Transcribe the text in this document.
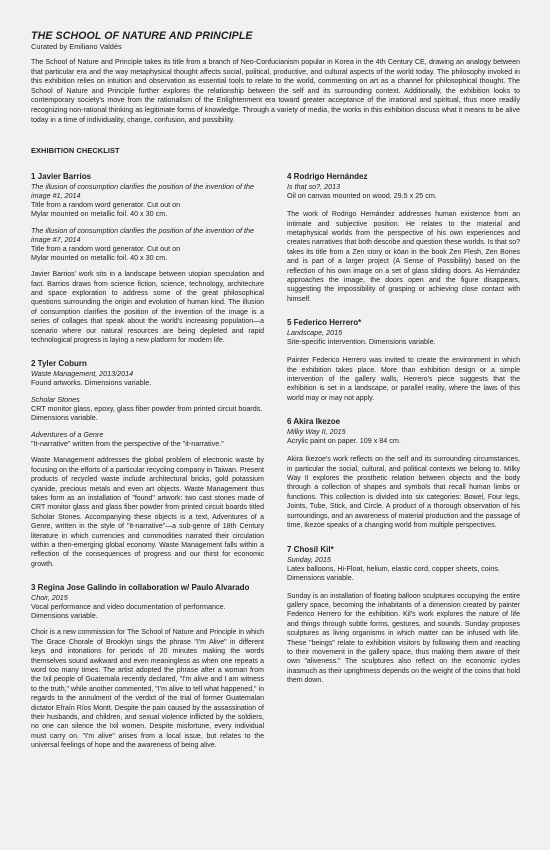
THE SCHOOL OF NATURE AND PRINCIPLE

Curated by Emiliano Valdés

The School of Nature and Principle takes its title from a branch of Neo-Confucianism popular in Korea in the 4th Century CE, drawing an analogy between that particular era and the way metaphysical thought affects social, political, productive, and cultural aspects of the world today. The philosophy invoked in this exhibition relies on intuition and observation as essential tools to relate to the world, commenting on art as a channel for philosophical thought. The School of Nature and Principle further explores the relationship between the self and its surrounding context. Additionally, the exhibition looks to contemporary society's move from the rationalism of the Enlightenment era toward greater acceptance of the irrational and spiritual, thus more readily recognizing non-rational thinking as legitimate forms of knowledge. Through a variety of media, the works in this exhibition discuss what it means to be alive today in a time of individuality, change, confusion, and possibility.

EXHIBITION CHECKLIST

1 Javier Barrios

The illusion of consumption clarifies the position of the invention of the image #1, 2014

Title from a random word generator. Cut out on

Mylar mounted on metallic foil. 40 x 30 cm.

The illusion of consumption clarifies the position of the invention of the image #7, 2014

Title from a random word generator. Cut out on

Mylar mounted on metallic foil. 40 x 30 cm.

Javier Barrios' work sits in a landscape between utopian speculation and fact. Barrios draws from science fiction, science, technology, architecture and space exploration to address some of the great philosophical questions surrounding the origin and evolution of human kind. The illusion of consumption clarifies the position of the invention of the image is a series of collages that speak about the world's increasing population—a scenario where our natural resources are being depleted and rapid technological progress is laying a new platform for modern life.

2 Tyler Coburn

Waste Management, 2013/2014

Found artworks. Dimensions variable.

Scholar Stones

CRT monitor glass, epoxy, glass fiber powder from printed circuit boards. Dimensions variable.

Adventures of a Genre

"It-narrative" written from the perspective of the "it-narrative."

Waste Management addresses the global problem of electronic waste by focusing on the efforts of a particular recycling company in Taiwan. Present products of recycled waste include architectural bricks, gold potassium cyanide, precious metals and even art objects. Waste Management thus takes form as an installation of "found" artwork: two cast stones made of CRT monitor glass and glass fiber powder from printed circuit boards titled Scholar Stones. Accompanying these objects is a text, Adventures of a Genre, written in the style of "it-narrative"—a sub-genre of 18th Century literature in which currencies and commodities narrated their circulation within a then-emerging global economy. Waste Management falls within a reflection of the consequences of progress and our thirst for economic growth.

3 Regina Jose Galindo in collaboration w/ Paulo Alvarado

Choir, 2015

Vocal performance and video documentation of performance. Dimensions variable.

Choir is a new commission for The School of Nature and Principle in which The Grace Chorale of Brooklyn sings the phrase "I'm Alive" in different keys and intonations for periods of 20 minutes making the words themselves sound awkward and even meaningless as when one repeats a word too many times. The artist adopted the phrase after a woman from the Ixil people of Guatemala recently declared, "I'm alive and I am witness to the truth," while another commented, "I'm alive to tell what happened," in regards to the annulment of the verdict of the trial of former Guatemalan dictator Efraín Ríos Montt. Despite the pain caused by the assassination of their husbands, and children, and sexual violence inflicted by the soldiers, no one can silence the Ixil women. Despite misfortune, every individual must carry on. "I'm alive" arises from a local issue, but relates to the universal feelings of hope and the awareness of being alive.

4 Rodrigo Hernández

Is that so?, 2013

Oil on canvas mounted on wood. 29.5 x 25 cm.

The work of Rodrigo Hernández addresses human existence from an intimate and subjective position. He relates to the material and metaphysical worlds from the perspective of his own experiences and creates narratives that both describe and question these worlds. Is that so? takes its title from a Zen story or kōan in the book Zen Flesh, Zen Bones and is part of a larger project (A Sense of Possibility) based on the reflection of his own image on a set of glass sliding doors. As Hernández approaches the image, the doors open and the figure disappears, suggesting the impossibility of grasping or achieving close contact with himself.

5 Federico Herrero*

Landscape, 2015

Site-specific intervention. Dimensions variable.

Painter Federico Herrero was invited to create the environment in which the exhibition takes place. More than exhibition design or a simple intervention of the gallery walls, Herrero's piece suggests that the exhibition is set in a landscape, or parallel reality, where the laws of this world may or may not apply.

6 Akira Ikezoe

Milky Way II, 2015

Acrylic paint on paper. 109 x 84 cm.

Akira Ikezoe's work reflects on the self and its surrounding circumstances, in particular the social, cultural, and political contexts we belong to. Milky Way II explores the prosthetic relation between objects and the body through a collection of shapes and symbols that recall human limbs or functions. This collection is divided into six categories: Bowel, Four legs, Joints, Tube, Stick, and Circle. A product of a thorough observation of his surroundings, and an awareness of material production and the passage of time, Ikezoe speaks of a changing world from multiple perspectives.

7 Chosil Kil*

Sunday, 2015

Latex balloons, Hi-Float, helium, elastic cord, copper sheets, coins. Dimensions variable.

Sunday is an installation of floating balloon sculptures occupying the entire gallery space, becoming the inhabitants of a dimension created by painter Federico Herrero for the exhibition. Kil's work explores the nature of life and things through subtle forms, gestures, and sounds. Sunday proposes sculptures as living organisms in which matter can be infused with life. These "beings" relate to exhibition visitors by following them and reacting to their movement in the gallery space, thus making them aware of their own "aliveness." The sculptures also reflect on the economic cycles inasmuch as their uprightness depends on the weight of the coins that hold them down.
